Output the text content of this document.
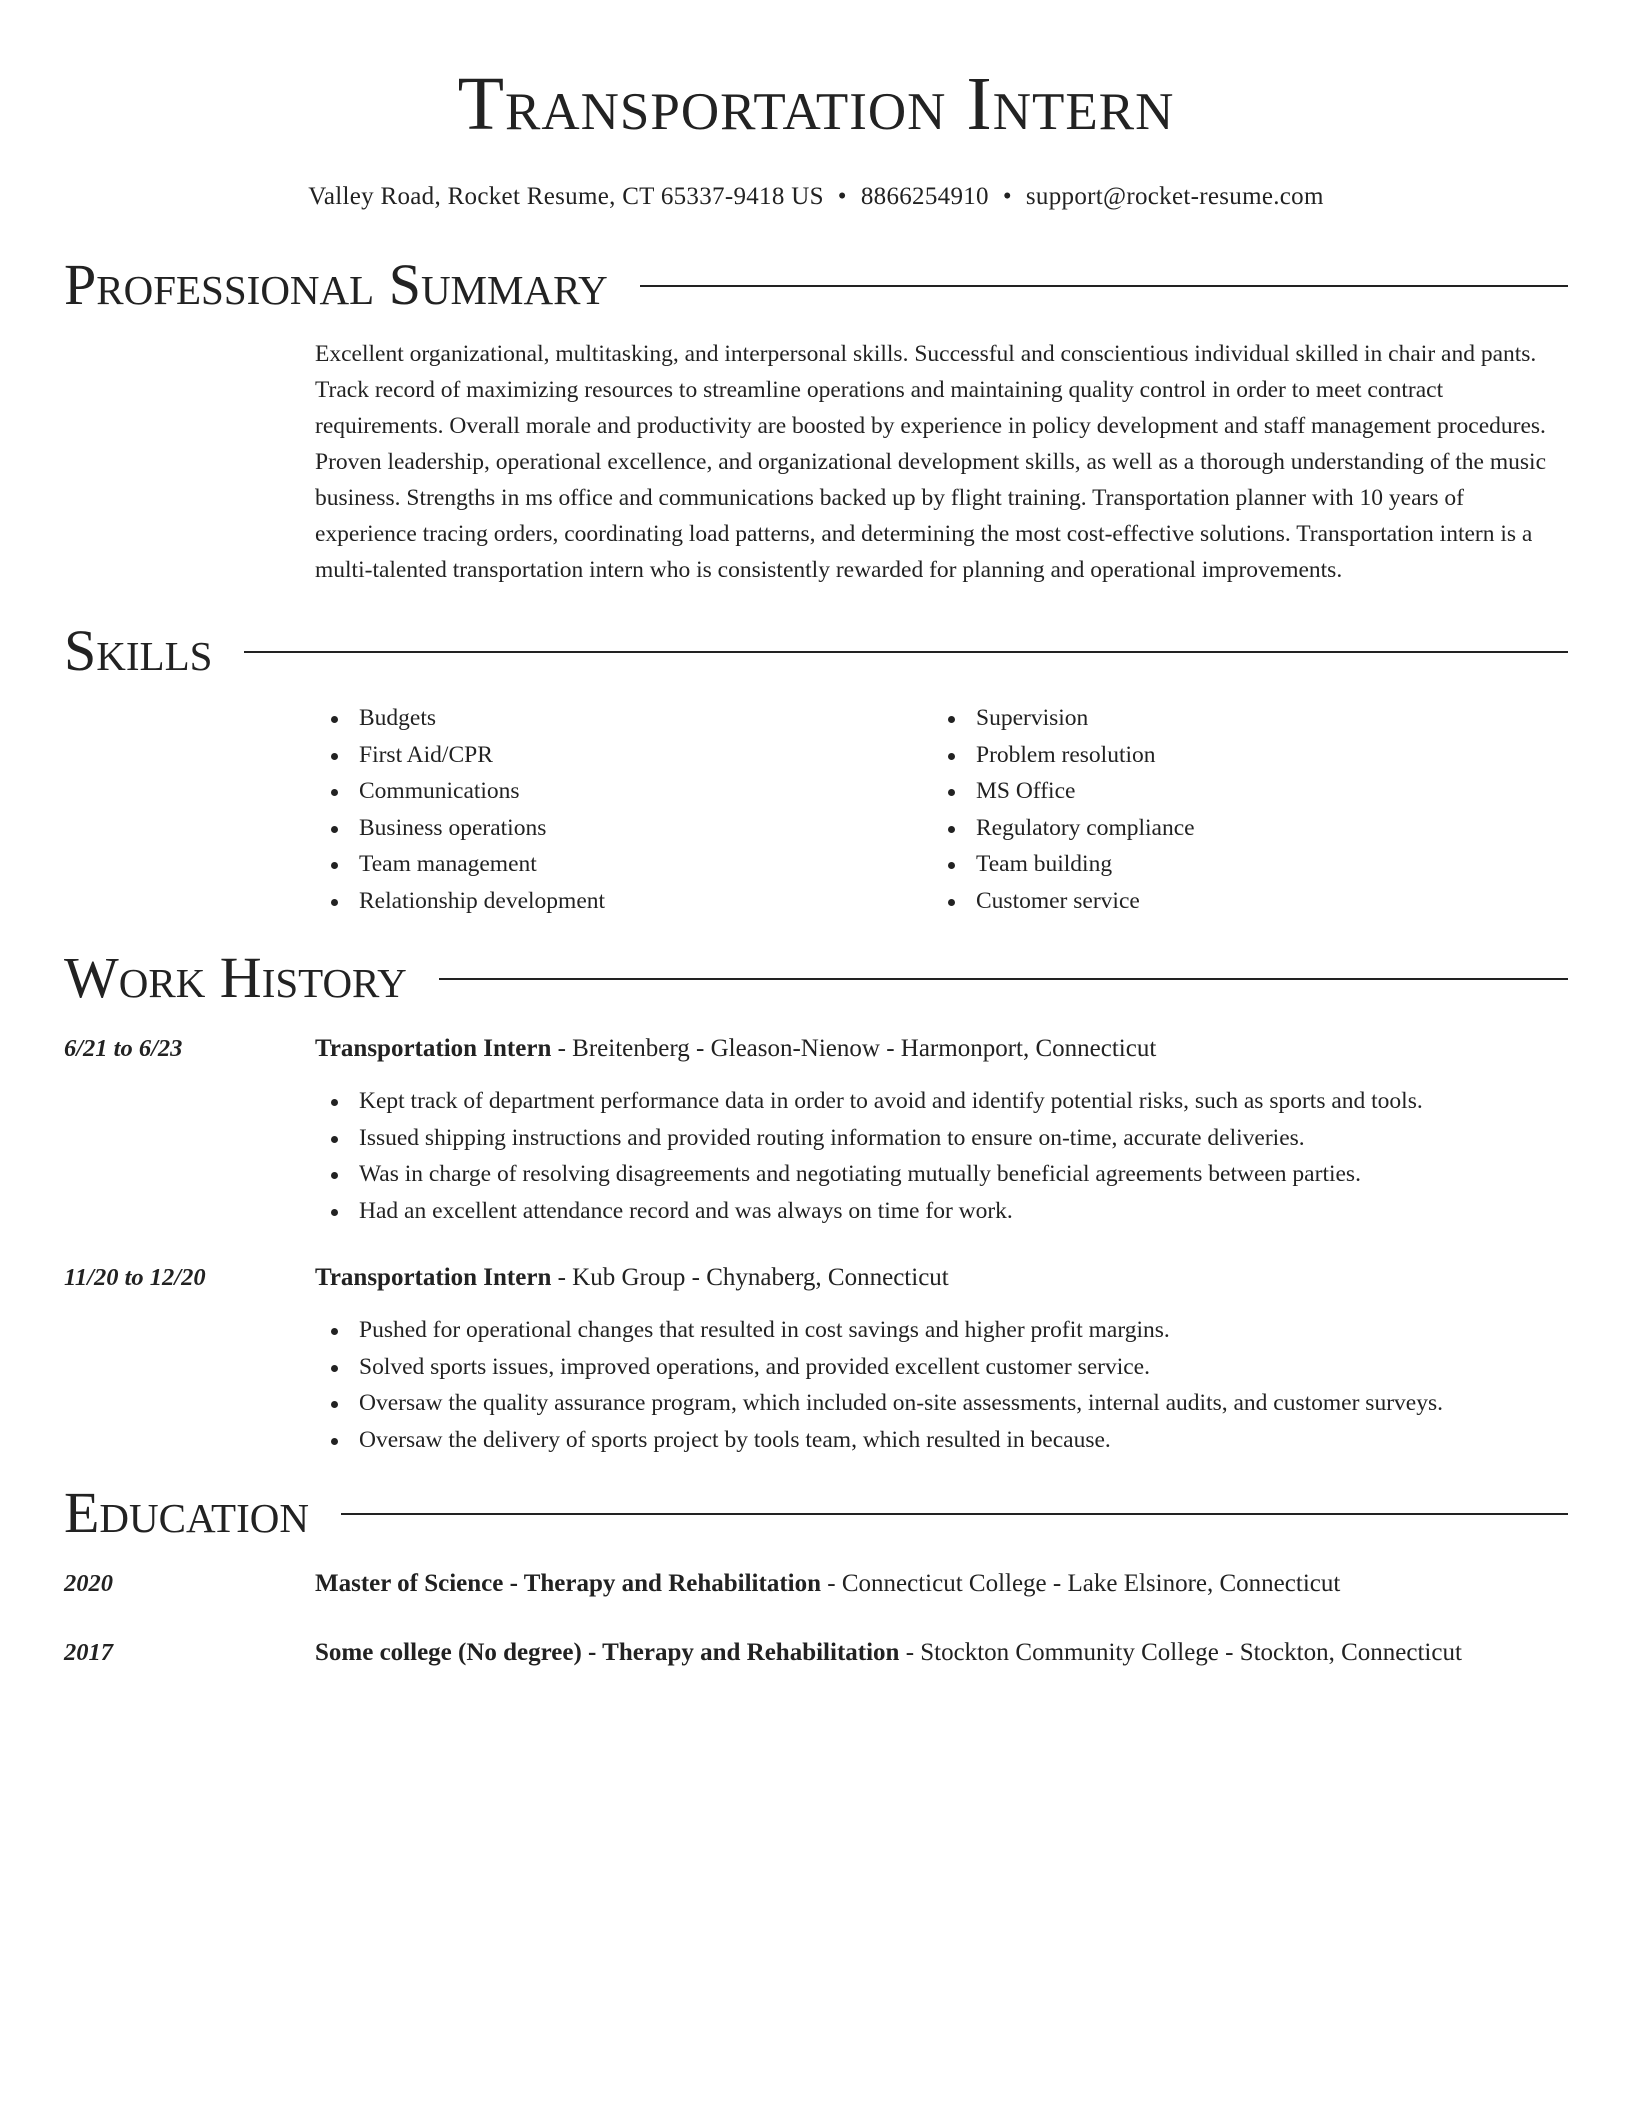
Transportation Intern
Valley Road, Rocket Resume, CT 65337-9418 US • 8866254910 • support@rocket-resume.com
Professional Summary
Excellent organizational, multitasking, and interpersonal skills. Successful and conscientious individual skilled in chair and pants. Track record of maximizing resources to streamline operations and maintaining quality control in order to meet contract requirements. Overall morale and productivity are boosted by experience in policy development and staff management procedures. Proven leadership, operational excellence, and organizational development skills, as well as a thorough understanding of the music business. Strengths in ms office and communications backed up by flight training. Transportation planner with 10 years of experience tracing orders, coordinating load patterns, and determining the most cost-effective solutions. Transportation intern is a multi-talented transportation intern who is consistently rewarded for planning and operational improvements.
Skills
Budgets
First Aid/CPR
Communications
Business operations
Team management
Relationship development
Supervision
Problem resolution
MS Office
Regulatory compliance
Team building
Customer service
Work History
6/21 to 6/23	Transportation Intern - Breitenberg - Gleason-Nienow - Harmonport, Connecticut
Kept track of department performance data in order to avoid and identify potential risks, such as sports and tools.
Issued shipping instructions and provided routing information to ensure on-time, accurate deliveries.
Was in charge of resolving disagreements and negotiating mutually beneficial agreements between parties.
Had an excellent attendance record and was always on time for work.
11/20 to 12/20	Transportation Intern - Kub Group - Chynaberg, Connecticut
Pushed for operational changes that resulted in cost savings and higher profit margins.
Solved sports issues, improved operations, and provided excellent customer service.
Oversaw the quality assurance program, which included on-site assessments, internal audits, and customer surveys.
Oversaw the delivery of sports project by tools team, which resulted in because.
Education
2020	Master of Science - Therapy and Rehabilitation - Connecticut College - Lake Elsinore, Connecticut
2017	Some college (No degree) - Therapy and Rehabilitation - Stockton Community College - Stockton, Connecticut
